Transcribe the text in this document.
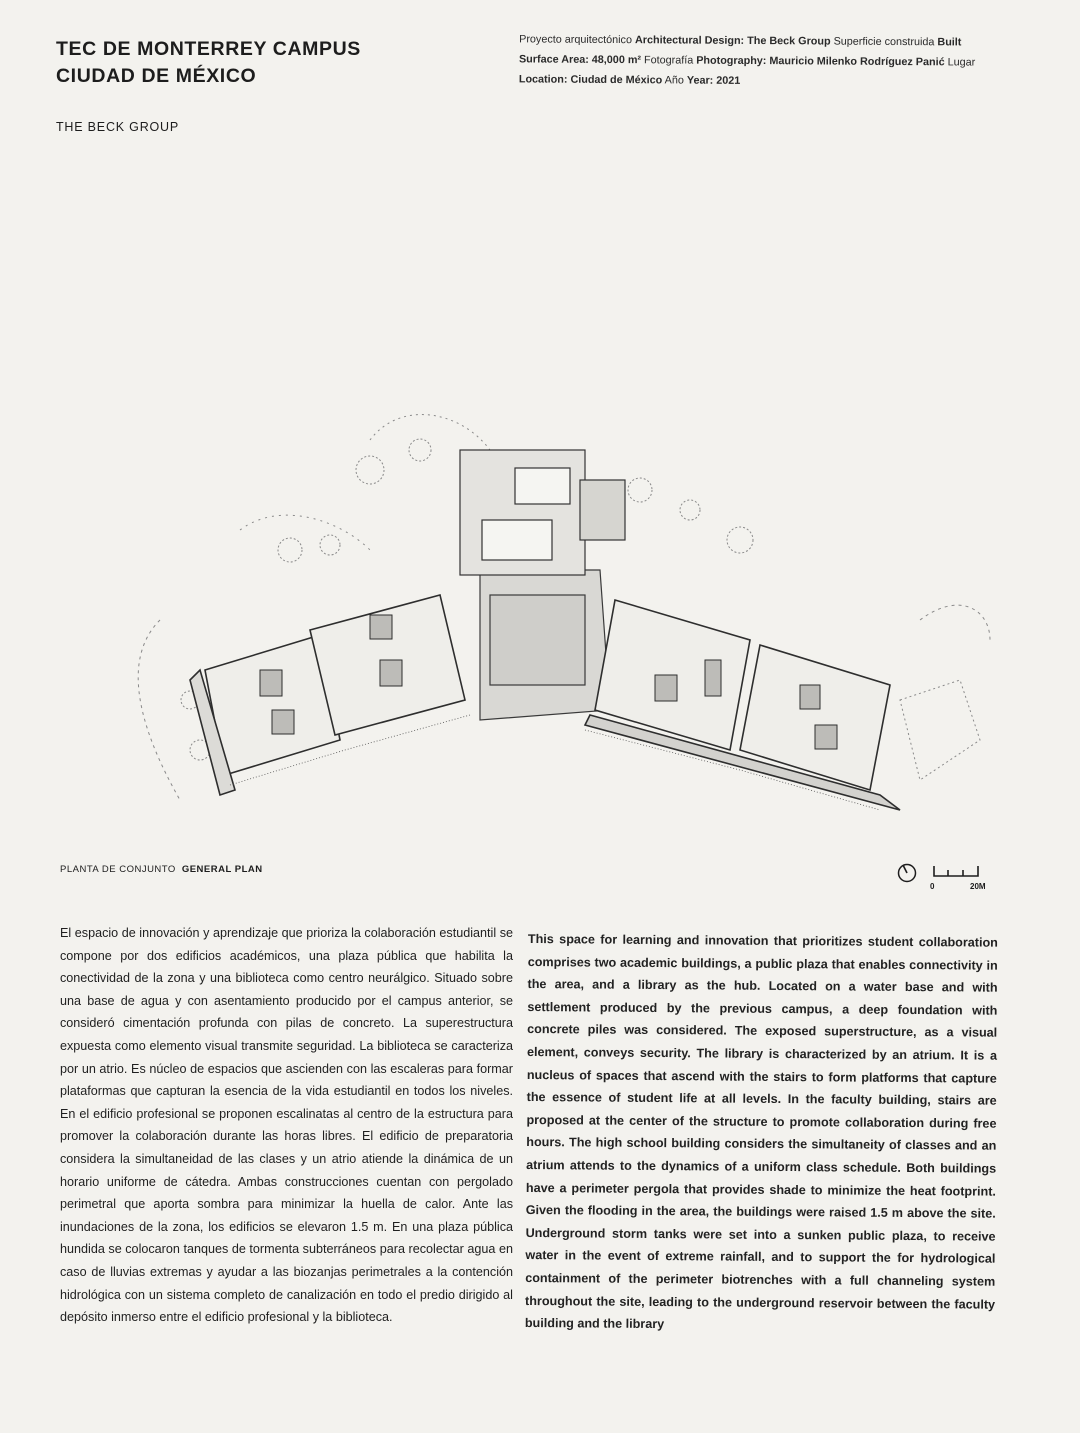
TEC DE MONTERREY CAMPUS
CIUDAD DE MÉXICO
THE BECK GROUP
Proyecto arquitectónico Architectural Design: The Beck Group Superficie construida Built Surface Area: 48,000 m² Fotografía Photography: Mauricio Milenko Rodríguez Panić Lugar Location: Ciudad de México Año Year: 2021
PLANTA DE CONJUNTO GENERAL PLAN
0	20M
El espacio de innovación y aprendizaje que prioriza la colaboración estudiantil se compone por dos edificios académicos, una plaza pública que habilita la conectividad de la zona y una biblioteca como centro neurálgico. Situado sobre una base de agua y con asentamiento producido por el campus anterior, se consideró cimentación profunda con pilas de concreto. La superestructura expuesta como elemento visual transmite seguridad. La biblioteca se caracteriza por un atrio. Es núcleo de espacios que ascienden con las escaleras para formar plataformas que capturan la esencia de la vida estudiantil en todos los niveles. En el edificio profesional se proponen escalinatas al centro de la estructura para promover la colaboración durante las horas libres. El edificio de preparatoria considera la simultaneidad de las clases y un atrio atiende la dinámica de un horario uniforme de cátedra. Ambas construcciones cuentan con pergolado perimetral que aporta sombra para minimizar la huella de calor. Ante las inundaciones de la zona, los edificios se elevaron 1.5 m. En una plaza pública hundida se colocaron tanques de tormenta subterráneos para recolectar agua en caso de lluvias extremas y ayudar a las biozanjas perimetrales a la contención hidrológica con un sistema completo de canalización en todo el predio dirigido al depósito inmerso entre el edificio profesional y la biblioteca.
This space for learning and innovation that prioritizes student collaboration comprises two academic buildings, a public plaza that enables connectivity in the area, and a library as the hub. Located on a water base and with settlement produced by the previous campus, a deep foundation with concrete piles was considered. The exposed superstructure, as a visual element, conveys security. The library is characterized by an atrium. It is a nucleus of spaces that ascend with the stairs to form platforms that capture the essence of student life at all levels. In the faculty building, stairs are proposed at the center of the structure to promote collaboration during free hours. The high school building considers the simultaneity of classes and an atrium attends to the dynamics of a uniform class schedule. Both buildings have a perimeter pergola that provides shade to minimize the heat footprint. Given the flooding in the area, the buildings were raised 1.5 m above the site. Underground storm tanks were set into a sunken public plaza, to receive water in the event of extreme rainfall, and to support the for hydrological containment of the perimeter biotrenches with a full channeling system throughout the site, leading to the underground reservoir between the faculty building and the library
